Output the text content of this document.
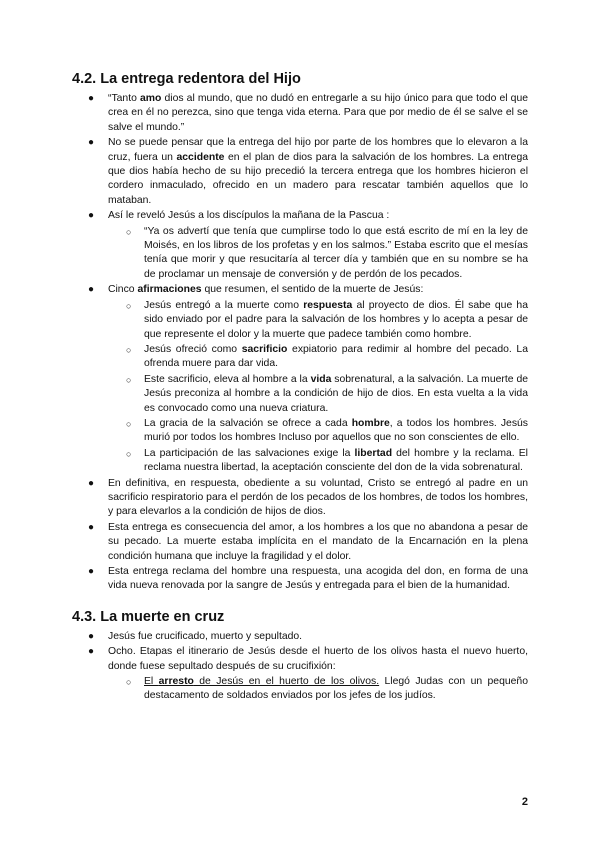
4.2. La entrega redentora del Hijo
● “Tanto amo dios al mundo, que no dudó en entregarle a su hijo único para que todo el que crea en él no perezca, sino que tenga vida eterna. Para que por medio de él se salve el se salve el mundo.”
● No se puede pensar que la entrega del hijo por parte de los hombres que lo elevaron a la cruz, fuera un accidente en el plan de dios para la salvación de los hombres. La entrega que dios había hecho de su hijo precedió la tercera entrega que los hombres hicieron el cordero inmaculado, ofrecido en un madero para rescatar también aquellos que lo mataban.
● Así le reveló Jesús a los discípulos la mañana de la Pascua :
○ “Ya os advertí que tenía que cumplirse todo lo que está escrito de mí en la ley de Moisés, en los libros de los profetas y en los salmos.” Estaba escrito que el mesías tenía que morir y que resucitaría al tercer día y también que en su nombre se ha de proclamar un mensaje de conversión y de perdón de los pecados.
● Cinco afirmaciones que resumen, el sentido de la muerte de Jesús:
○ Jesús entregó a la muerte como respuesta al proyecto de dios. Él sabe que ha sido enviado por el padre para la salvación de los hombres y lo acepta a pesar de que represente el dolor y la muerte que padece también como hombre.
○ Jesús ofreció como sacrificio expiatorio para redimir al hombre del pecado. La ofrenda muere para dar vida.
○ Este sacrificio, eleva al hombre a la vida sobrenatural, a la salvación. La muerte de Jesús preconiza al hombre a la condición de hijo de dios. En esta vuelta a la vida es convocado como una nueva criatura.
○ La gracia de la salvación se ofrece a cada hombre, a todos los hombres. Jesús murió por todos los hombres Incluso por aquellos que no son conscientes de ello.
○ La participación de las salvaciones exige la libertad del hombre y la reclama. El reclama nuestra libertad, la aceptación consciente del don de la vida sobrenatural.
● En definitiva, en respuesta, obediente a su voluntad, Cristo se entregó al padre en un sacrificio respiratorio para el perdón de los pecados de los hombres, de todos los hombres, y para elevarlos a la condición de hijos de dios.
● Esta entrega es consecuencia del amor, a los hombres a los que no abandona a pesar de su pecado. La muerte estaba implícita en el mandato de la Encarnación en la plena condición humana que incluye la fragilidad y el dolor.
● Esta entrega reclama del hombre una respuesta, una acogida del don, en forma de una vida nueva renovada por la sangre de Jesús y entregada para el bien de la humanidad.
4.3. La muerte en cruz
● Jesús fue crucificado, muerto y sepultado.
● Ocho. Etapas el itinerario de Jesús desde el huerto de los olivos hasta el nuevo huerto, donde fuese sepultado después de su crucifixión:
○ El arresto de Jesús en el huerto de los olivos. Llegó Judas con un pequeño destacamento de soldados enviados por los jefes de los judíos.
2
